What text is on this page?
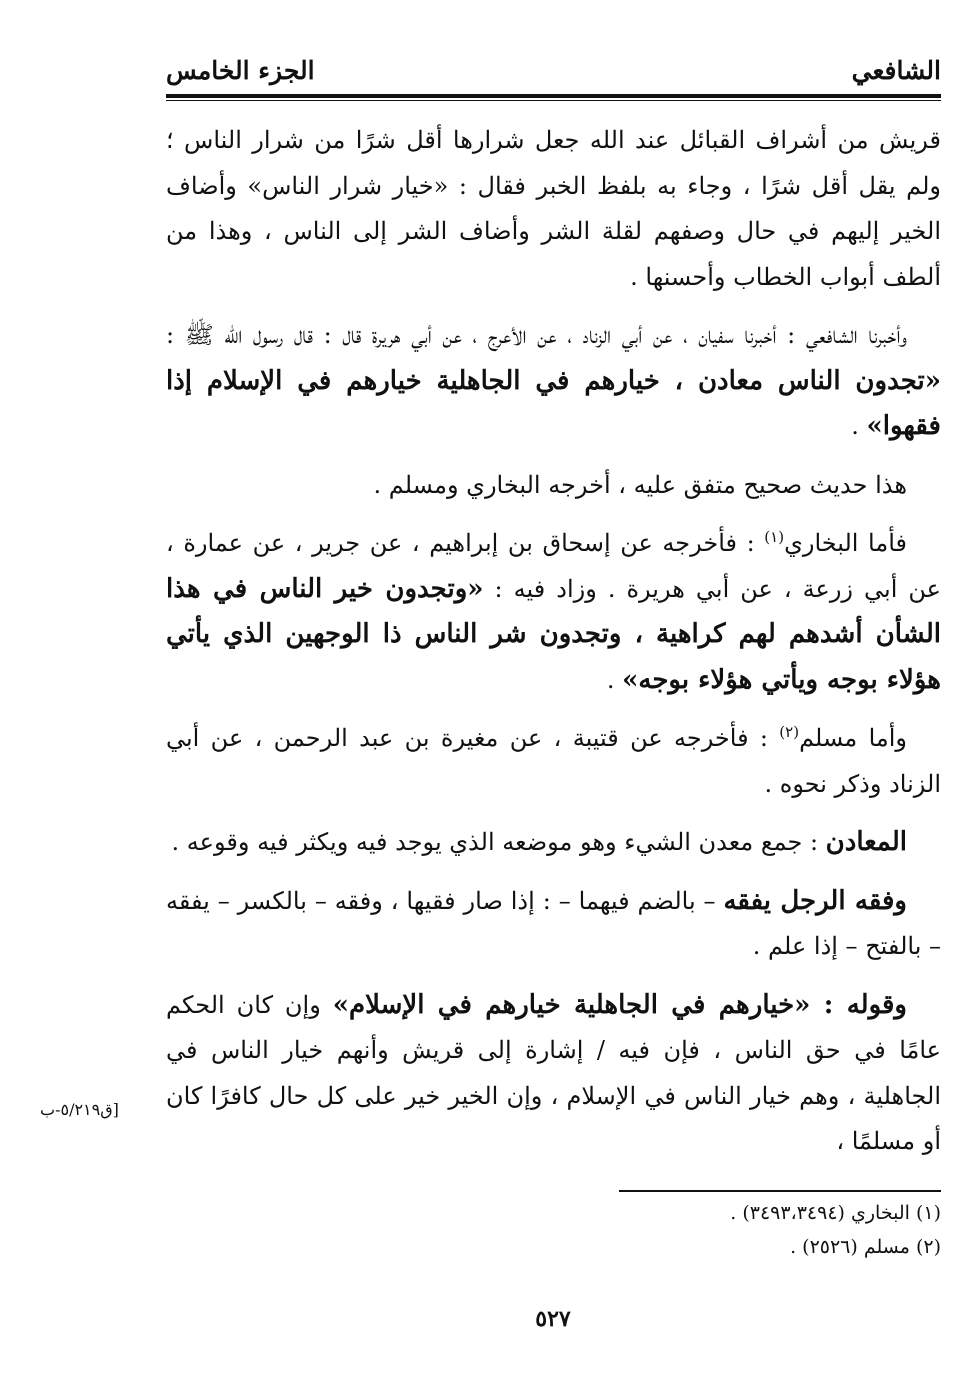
الشافعي
الجزء الخامس

قريش من أشراف القبائل عند الله جعل شرارها أقل شرًا من شرار الناس ؛ ولم يقل أقل شرًا ، وجاء به بلفظ الخبر فقال : «خيار شرار الناس» وأضاف الخير إليهم في حال وصفهم لقلة الشر وأضاف الشر إلى الناس ، وهذا من ألطف أبواب الخطاب وأحسنها .

وأخبرنا الشافعي : أخبرنا سفيان ، عن أبي الزناد ، عن الأعرج ، عن أبي هريرة قال : قال رسول الله ﷺ : «تجدون الناس معادن ، خيارهم في الجاهلية خيارهم في الإسلام إذا فقهوا» .

هذا حديث صحيح متفق عليه ، أخرجه البخاري ومسلم .

فأما البخاري$^{(١)}$ : فأخرجه عن إسحاق بن إبراهيم ، عن جرير ، عن عمارة ، عن أبي زرعة ، عن أبي هريرة . وزاد فيه : «وتجدون خير الناس في هذا الشأن أشدهم لهم كراهية ، وتجدون شر الناس ذا الوجهين الذي يأتي هؤلاء بوجه ويأتي هؤلاء بوجه» .

وأما مسلم$^{(٢)}$ : فأخرجه عن قتيبة ، عن مغيرة بن عبد الرحمن ، عن أبي الزناد وذكر نحوه .

المعادن : جمع معدن الشيء وهو موضعه الذي يوجد فيه ويكثر فيه وقوعه .

وفقه الرجل يفقه – بالضم فيهما – : إذا صار فقيها ، وفقه – بالكسر – يفقه – بالفتح – إذا علم .

وقوله : «خيارهم في الجاهلية خيارهم في الإسلام» وإن كان الحكم عامًا في حق الناس ، فإن فيه / إشارة إلى قريش وأنهم خيار الناس في الجاهلية ، وهم خيار الناس في الإسلام ، وإن الخير خير على كل حال كافرًا كان أو مسلمًا ،

[ق٥/٢١٩-ب

(١) البخاري (٣٤٩٣،٣٤٩٤) .

(٢) مسلم (٢٥٢٦) .

٥٢٧
